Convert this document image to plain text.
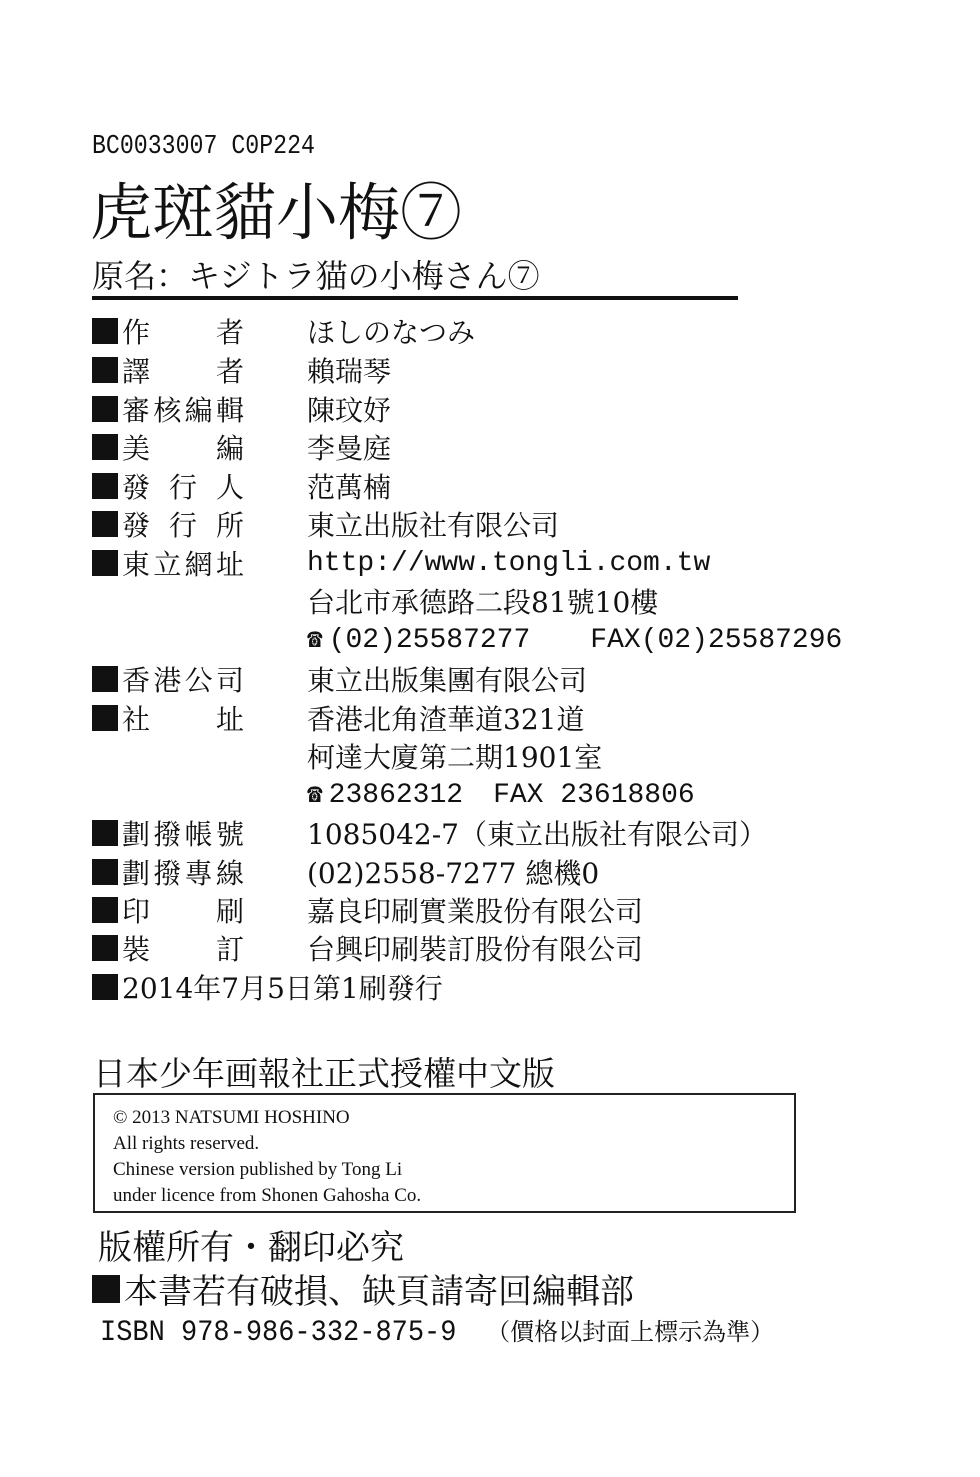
BC0033007 C0P224
虎斑貓小梅⑦
原名：キジトラ猫の小梅さん⑦
作者 ほしのなつみ
譯者 賴瑞琴
審核編輯 陳玟妤
美編 李曼庭
發行人 范萬楠
發行所 東立出版社有限公司
東立網址 http://www.tongli.com.tw
台北市承德路二段81號10樓
☎ (02)25587277 FAX(02)25587296
香港公司 東立出版集團有限公司
社址 香港北角渣華道321道
柯達大廈第二期1901室
☎ 23862312 FAX 23618806
劃撥帳號 1085042-7（東立出版社有限公司）
劃撥專線 (02)2558-7277 總機0
印刷 嘉良印刷實業股份有限公司
裝訂 台興印刷裝訂股份有限公司
2014年7月5日第1刷發行
日本少年画報社正式授權中文版
© 2013 NATSUMI HOSHINO
All rights reserved.
Chinese version published by Tong Li
under licence from Shonen Gahosha Co.
版權所有・翻印必究
本書若有破損、缺頁請寄回編輯部
ISBN 978-986-332-875-9 （價格以封面上標示為準）
